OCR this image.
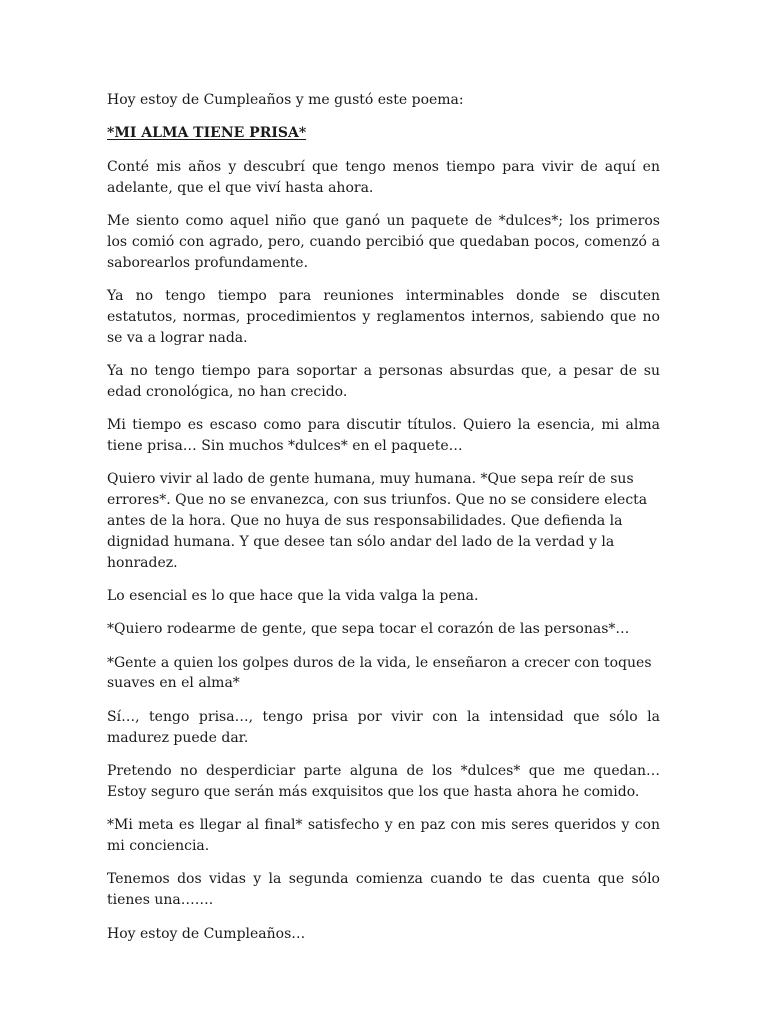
Hoy estoy de Cumpleaños y me gustó este poema:

*MI ALMA TIENE PRISA*

Conté mis años y descubrí que tengo menos tiempo para vivir de aquí en adelante, que el que viví hasta ahora.

Me siento como aquel niño que ganó un paquete de *dulces*; los primeros los comió con agrado, pero, cuando percibió que quedaban pocos, comenzó a saborearlos profundamente.

Ya no tengo tiempo para reuniones interminables donde se discuten estatutos, normas, procedimientos y reglamentos internos, sabiendo que no se va a lograr nada.

Ya no tengo tiempo para soportar a personas absurdas que, a pesar de su edad cronológica, no han crecido.

Mi tiempo es escaso como para discutir títulos. Quiero la esencia, mi alma tiene prisa… Sin muchos *dulces* en el paquete…

Quiero vivir al lado de gente humana, muy humana. *Que sepa reír de sus errores*. Que no se envanezca, con sus triunfos. Que no se considere electa antes de la hora. Que no huya de sus responsabilidades. Que defienda la dignidad humana. Y que desee tan sólo andar del lado de la verdad y la honradez.

Lo esencial es lo que hace que la vida valga la pena.

*Quiero rodearme de gente, que sepa tocar el corazón de las personas*…

*Gente a quien los golpes duros de la vida, le enseñaron a crecer con toques suaves en el alma*

Sí…, tengo prisa…, tengo prisa por vivir con la intensidad que sólo la madurez puede dar.

Pretendo no desperdiciar parte alguna de los *dulces* que me quedan… Estoy seguro que serán más exquisitos que los que hasta ahora he comido.

*Mi meta es llegar al final* satisfecho y en paz con mis seres queridos y con mi conciencia.

Tenemos dos vidas y la segunda comienza cuando te das cuenta que sólo tienes una…….

Hoy estoy de Cumpleaños…
